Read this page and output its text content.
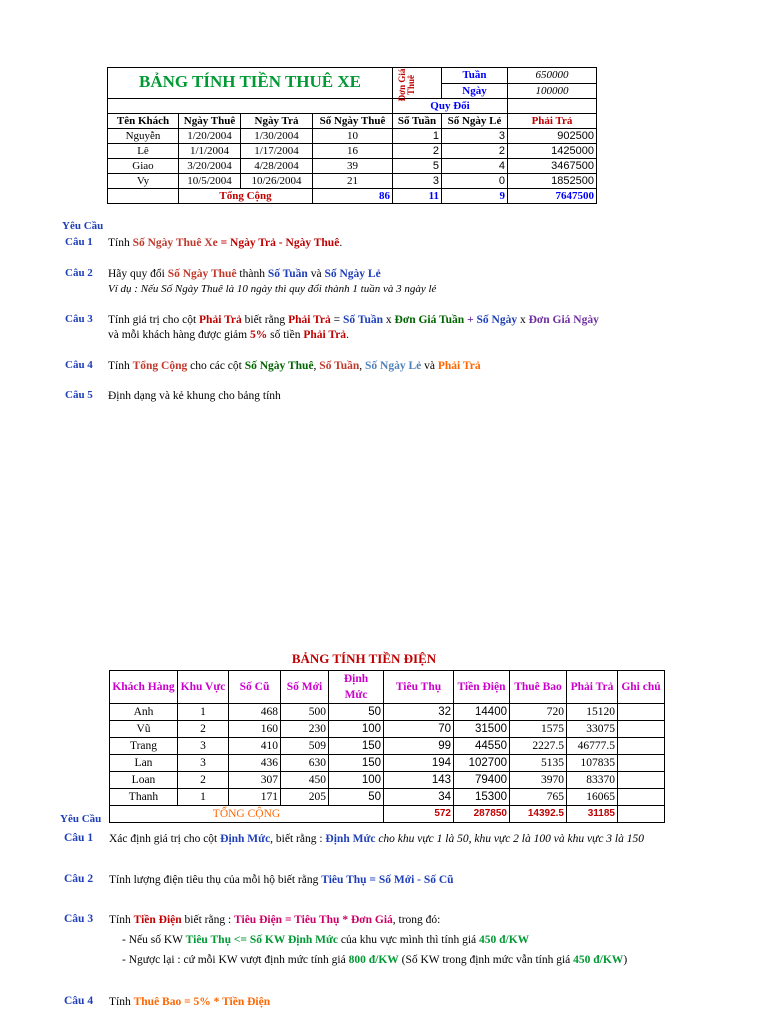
BẢNG TÍNH TIỀN THUÊ XE				Đơn Giá Thuê	Tuần	650000
					Ngày	100000
				Quy Đổi		
Tên Khách	Ngày Thuê	Ngày Trả	Số Ngày Thuê	Số Tuần	Số Ngày Lẻ	Phải Trả
Nguyễn	1/20/2004	1/30/2004	10	1	3	902500
Lê	1/1/2004	1/17/2004	16	2	2	1425000
Giao	3/20/2004	4/28/2004	39	5	4	3467500
Vy	10/5/2004	10/26/2004	21	3	0	1852500
	Tổng Cộng		86	11	9	7647500
Yêu Cầu
Câu 1 Tính Số Ngày Thuê Xe = Ngày Trả - Ngày Thuê.
Câu 2 Hãy quy đổi Số Ngày Thuê thành Số Tuần và Số Ngày Lẻ
Ví dụ : Nếu Số Ngày Thuê là 10 ngày thì quy đổi thành 1 tuần và 3 ngày lẻ
Câu 3 Tính giá trị cho cột Phải Trả biết rằng Phải Trả = Số Tuần x Đơn Giá Tuần + Số Ngày x Đơn Giá Ngày
và mỗi khách hàng được giảm 5% số tiền Phải Trả.
Câu 4 Tính Tổng Cộng cho các cột Số Ngày Thuê, Số Tuần, Số Ngày Lẻ và Phải Trả
Câu 5 Định dạng và kẻ khung cho bảng tính
BẢNG TÍNH TIỀN ĐIỆN
Khách Hàng	Khu Vực	Số Cũ	Số Mới	Định Mức	Tiêu Thụ	Tiền Điện	Thuê Bao	Phải Trả	Ghi chú
Anh	1	468	500	50	32	14400	720	15120	
Vũ	2	160	230	100	70	31500	1575	33075	
Trang	3	410	509	150	99	44550	2227.5	46777.5	
Lan	3	436	630	150	194	102700	5135	107835	
Loan	2	307	450	100	143	79400	3970	83370	
Thanh	1	171	205	50	34	15300	765	16065	
TỔNG CỘNG					572	287850	14392.5	31185	
Yêu Cầu
Câu 1 Xác định giá trị cho cột Định Mức, biết rằng : Định Mức cho khu vực 1 là 50, khu vực 2 là 100 và khu vực 3 là 150
Câu 2 Tính lượng điện tiêu thụ của mỗi hộ biết rằng Tiêu Thụ = Số Mới - Số Cũ
Câu 3 Tính Tiền Điện biết rằng : Tiêu Điện = Tiêu Thụ * Đơn Giá, trong đó:
- Nếu số KW Tiêu Thụ <= Số KW Định Mức của khu vực mình thì tính giá 450 đ/KW
- Ngược lại : cứ mỗi KW vượt định mức tính giá 800 đ/KW (Số KW trong định mức vẫn tính giá 450 đ/KW)
Câu 4 Tính Thuê Bao = 5% * Tiền Điện
